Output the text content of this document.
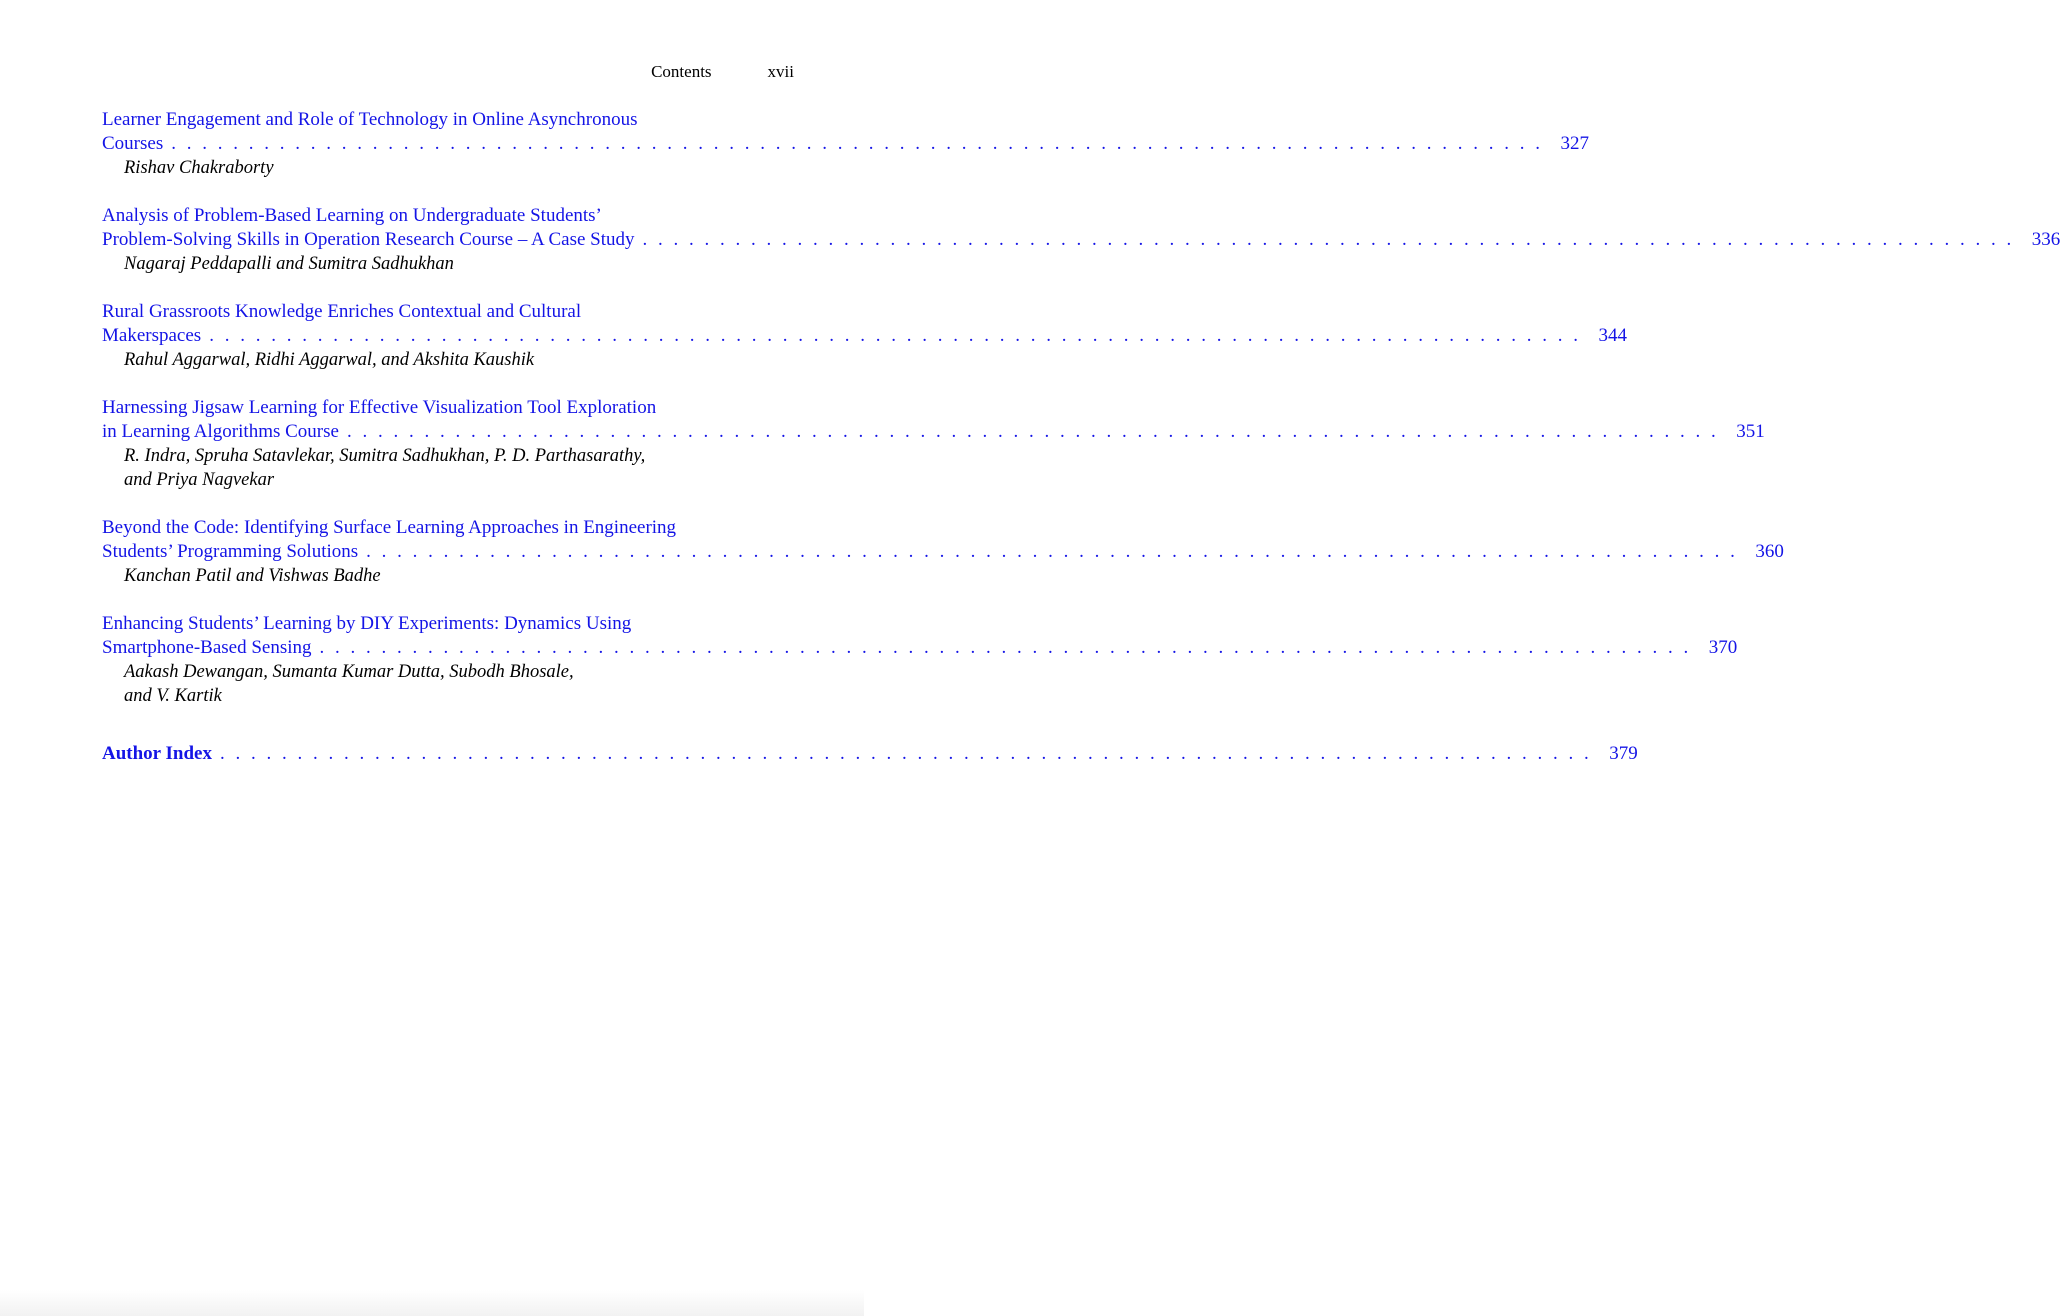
Contents	xvii
Learner Engagement and Role of Technology in Online Asynchronous
Courses . . . . . . . . . . . . . . . . . . . . . . . . . . . . . . . . . . . . . . . . . . . . . . . . . . . . . . . . . . . . . . . . . . . . . . . . . . . . . . . . . . . . . . . . . 327
Rishav Chakraborty
Analysis of Problem-Based Learning on Undergraduate Students’
Problem-Solving Skills in Operation Research Course – A Case Study . . . . . . . . . . . . . . . . . . . . . . . . . . . . . . . . . . . . . . . . . . . . . . . . . . . . . . . . . . . . . . . . . . . . . . . . . . . . . . . . . . . . . . . . . 336
Nagaraj Peddapalli and Sumitra Sadhukhan
Rural Grassroots Knowledge Enriches Contextual and Cultural
Makerspaces . . . . . . . . . . . . . . . . . . . . . . . . . . . . . . . . . . . . . . . . . . . . . . . . . . . . . . . . . . . . . . . . . . . . . . . . . . . . . . . . . . . . . . . . . 344
Rahul Aggarwal, Ridhi Aggarwal, and Akshita Kaushik
Harnessing Jigsaw Learning for Effective Visualization Tool Exploration
in Learning Algorithms Course . . . . . . . . . . . . . . . . . . . . . . . . . . . . . . . . . . . . . . . . . . . . . . . . . . . . . . . . . . . . . . . . . . . . . . . . . . . . . . . . . . . . . . . . . 351
R. Indra, Spruha Satavlekar, Sumitra Sadhukhan, P. D. Parthasarathy,
and Priya Nagvekar
Beyond the Code: Identifying Surface Learning Approaches in Engineering
Students’ Programming Solutions . . . . . . . . . . . . . . . . . . . . . . . . . . . . . . . . . . . . . . . . . . . . . . . . . . . . . . . . . . . . . . . . . . . . . . . . . . . . . . . . . . . . . . . . . 360
Kanchan Patil and Vishwas Badhe
Enhancing Students’ Learning by DIY Experiments: Dynamics Using
Smartphone-Based Sensing . . . . . . . . . . . . . . . . . . . . . . . . . . . . . . . . . . . . . . . . . . . . . . . . . . . . . . . . . . . . . . . . . . . . . . . . . . . . . . . . . . . . . . . . . 370
Aakash Dewangan, Sumanta Kumar Dutta, Subodh Bhosale,
and V. Kartik
Author Index . . . . . . . . . . . . . . . . . . . . . . . . . . . . . . . . . . . . . . . . . . . . . . . . . . . . . . . . . . . . . . . . . . . . . . . . . . . . . . . . . . . . . . . . . 379
